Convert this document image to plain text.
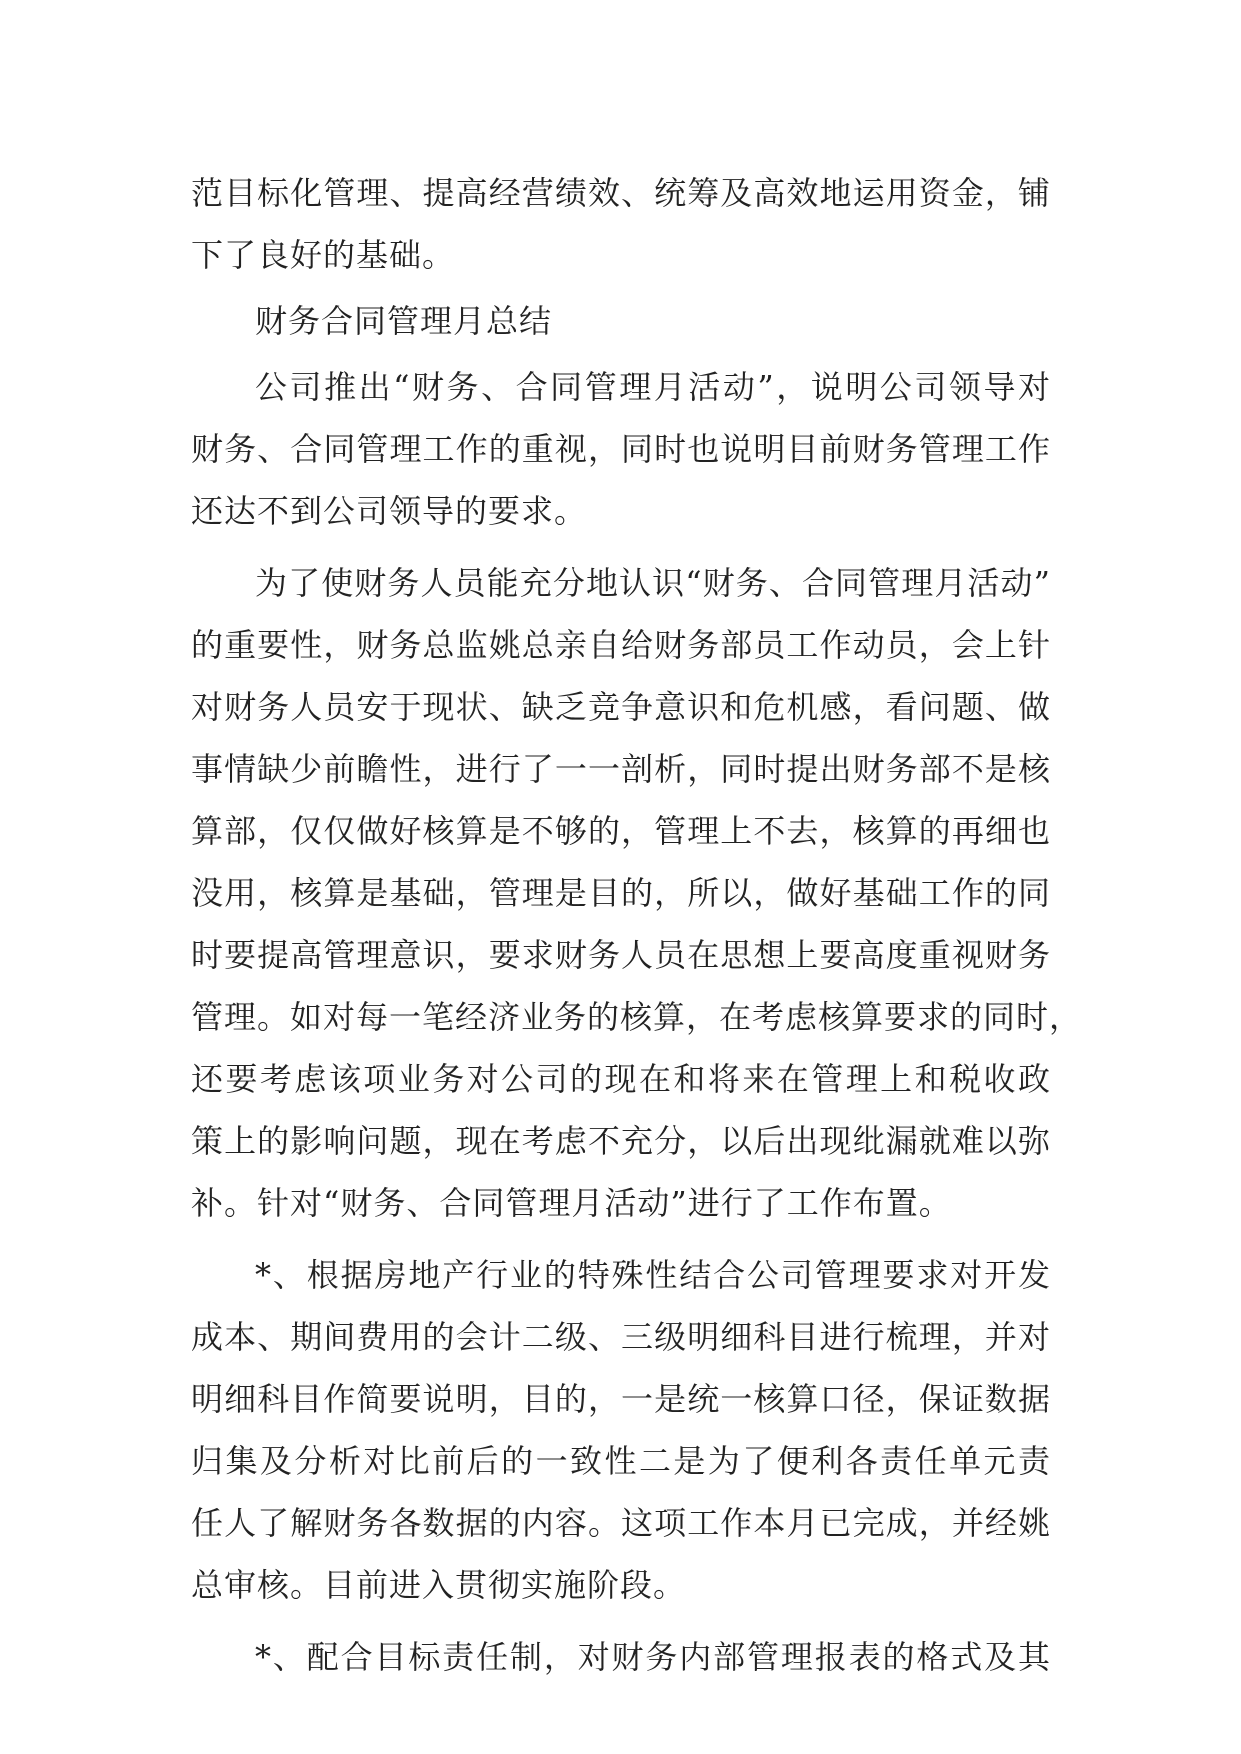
范目标化管理、提高经营绩效、统筹及高效地运用资金，铺
下了良好的基础。
财务合同管理月总结
公司推出“财务、合同管理月活动”，说明公司领导对
财务、合同管理工作的重视，同时也说明目前财务管理工作
还达不到公司领导的要求。
为了使财务人员能充分地认识“财务、合同管理月活动”
的重要性，财务总监姚总亲自给财务部员工作动员，会上针
对财务人员安于现状、缺乏竞争意识和危机感，看问题、做
事情缺少前瞻性，进行了一一剖析，同时提出财务部不是核
算部，仅仅做好核算是不够的，管理上不去，核算的再细也
没用，核算是基础，管理是目的，所以，做好基础工作的同
时要提高管理意识，要求财务人员在思想上要高度重视财务
管理。如对每一笔经济业务的核算，在考虑核算要求的同时，
还要考虑该项业务对公司的现在和将来在管理上和税收政
策上的影响问题，现在考虑不充分，以后出现纰漏就难以弥
补。针对“财务、合同管理月活动”进行了工作布置。
*、根据房地产行业的特殊性结合公司管理要求对开发
成本、期间费用的会计二级、三级明细科目进行梳理，并对
明细科目作简要说明，目的，一是统一核算口径，保证数据
归集及分析对比前后的一致性二是为了便利各责任单元责
任人了解财务各数据的内容。这项工作本月已完成，并经姚
总审核。目前进入贯彻实施阶段。
*、配合目标责任制，对财务内部管理报表的格式及其
